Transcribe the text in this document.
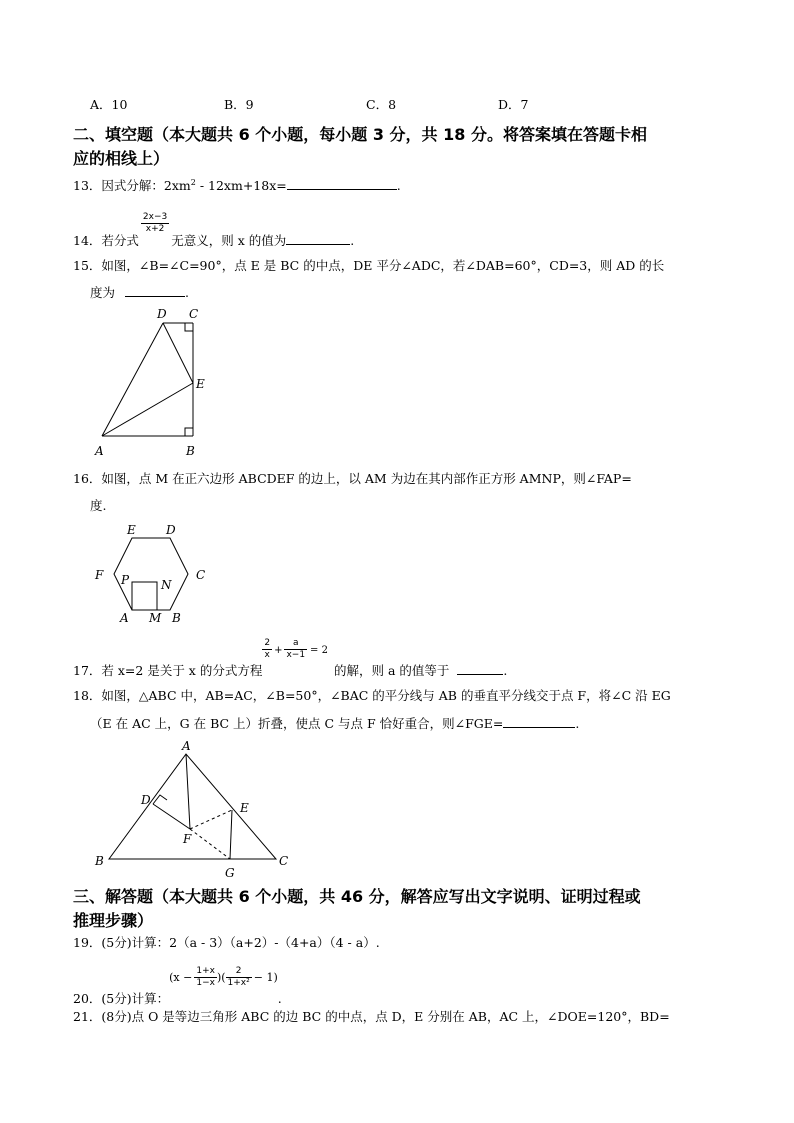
A．10	B．9	C．8	D．7
二、填空题（本大题共 6 个小题，每小题 3 分，共 18 分。将答案填在答题卡相
应的相线上）
13．因式分解：$2xm^2 - 12xm+18x=$	.
14．若分式
$\frac{2x-3}{x+2}$
无意义，则 x 的值为	.
15．如图，∠B=∠C=90°，点 E 是 BC 的中点，DE 平分∠ADC，若∠DAB=60°，CD=3，则 AD 的长
度为	.
D C
E
A	B
16．如图，点 M 在正六边形 ABCDEF 的边上，以 AM 为边在其内部作正方形 AMNP，则∠FAP=
度.
E	D
F	C
P	N
A M B
17．若 x=2 是关于 x 的分式方程
$\frac{2}{x} + \frac{a}{x-1} = 2$的解，则 a 的值等于	.
18．如图，△ABC 中，AB=AC，∠B=50°，∠BAC 的平分线与 AB 的垂直平分线交于点 F，将∠C 沿 EG
（E 在 AC 上，G 在 BC 上）折叠，使点 C 与点 F 恰好重合，则∠FGE=	.
A
D
E
F
B
G
C
三、解答题（本大题共 6 个小题，共 46 分，解答应写出文字说明、证明过程或
推理步骤）
19．(5分)计算：2（a - 3）（a+2）-（4+a）（4 - a）.
20．(5分)计算：($x - \frac{1+x}{1-x}$ )( $\frac{2}{\text{1+x²}} - 1$).
21．(8分)点 O 是等边三角形 ABC 的边 BC 的中点，点 D，E 分别在 AB，AC 上，∠DOE=120°，BD=
